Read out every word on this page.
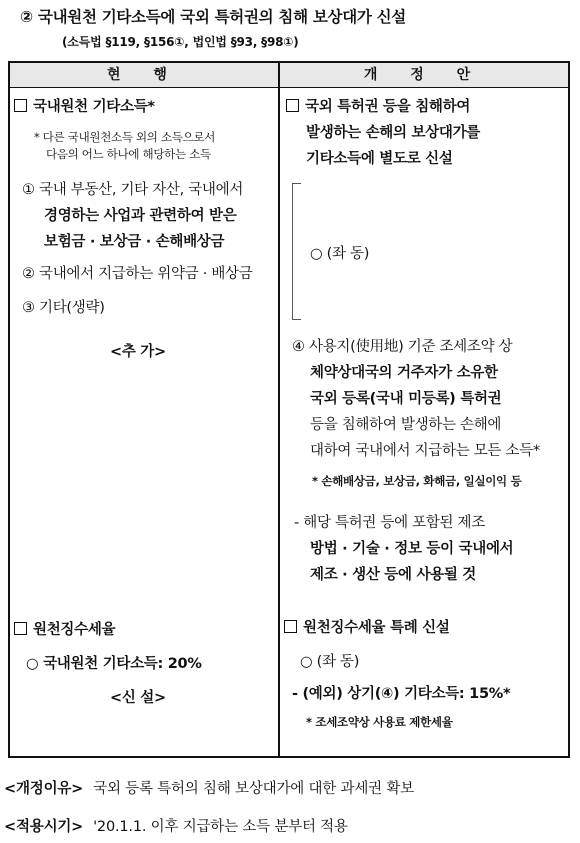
② 국내원천 기타소득에 국외 특허권의 침해 보상대가 신설
(소득법 §119, §156①, 법인법 §93, §98①)
현 행	개 정 안
국내원천 기타소득*
* 다른 국내원천소득 외의 소득으로서
다음의 어느 하나에 해당하는 소득
① 국내 부동산, 기타 자산, 국내에서
경영하는 사업과 관련하여 받은
보험금 · 보상금 · 손해배상금
② 국내에서 지급하는 위약금 · 배상금
③ 기타(생략)
<추 가>
원천징수세율
○ 국내원천 기타소득: 20%
<신 설>
국외 특허권 등을 침해하여
발생하는 손해의 보상대가를
기타소득에 별도로 신설
○ (좌 동)
④ 사용지(使用地) 기준 조세조약 상
체약상대국의 거주자가 소유한
국외 등록(국내 미등록) 특허권
등을 침해하여 발생하는 손해에
대하여 국내에서 지급하는 모든 소득*
* 손해배상금, 보상금, 화해금, 일실이익 등
- 해당 특허권 등에 포함된 제조
방법 · 기술 · 정보 등이 국내에서
제조 · 생산 등에 사용될 것
원천징수세율 특례 신설
○ (좌 동)
- (예외) 상기(④) 기타소득: 15%*
* 조세조약상 사용료 제한세율
<개정이유> 국외 등록 특허의 침해 보상대가에 대한 과세권 확보
<적용시기> '20.1.1. 이후 지급하는 소득 분부터 적용
